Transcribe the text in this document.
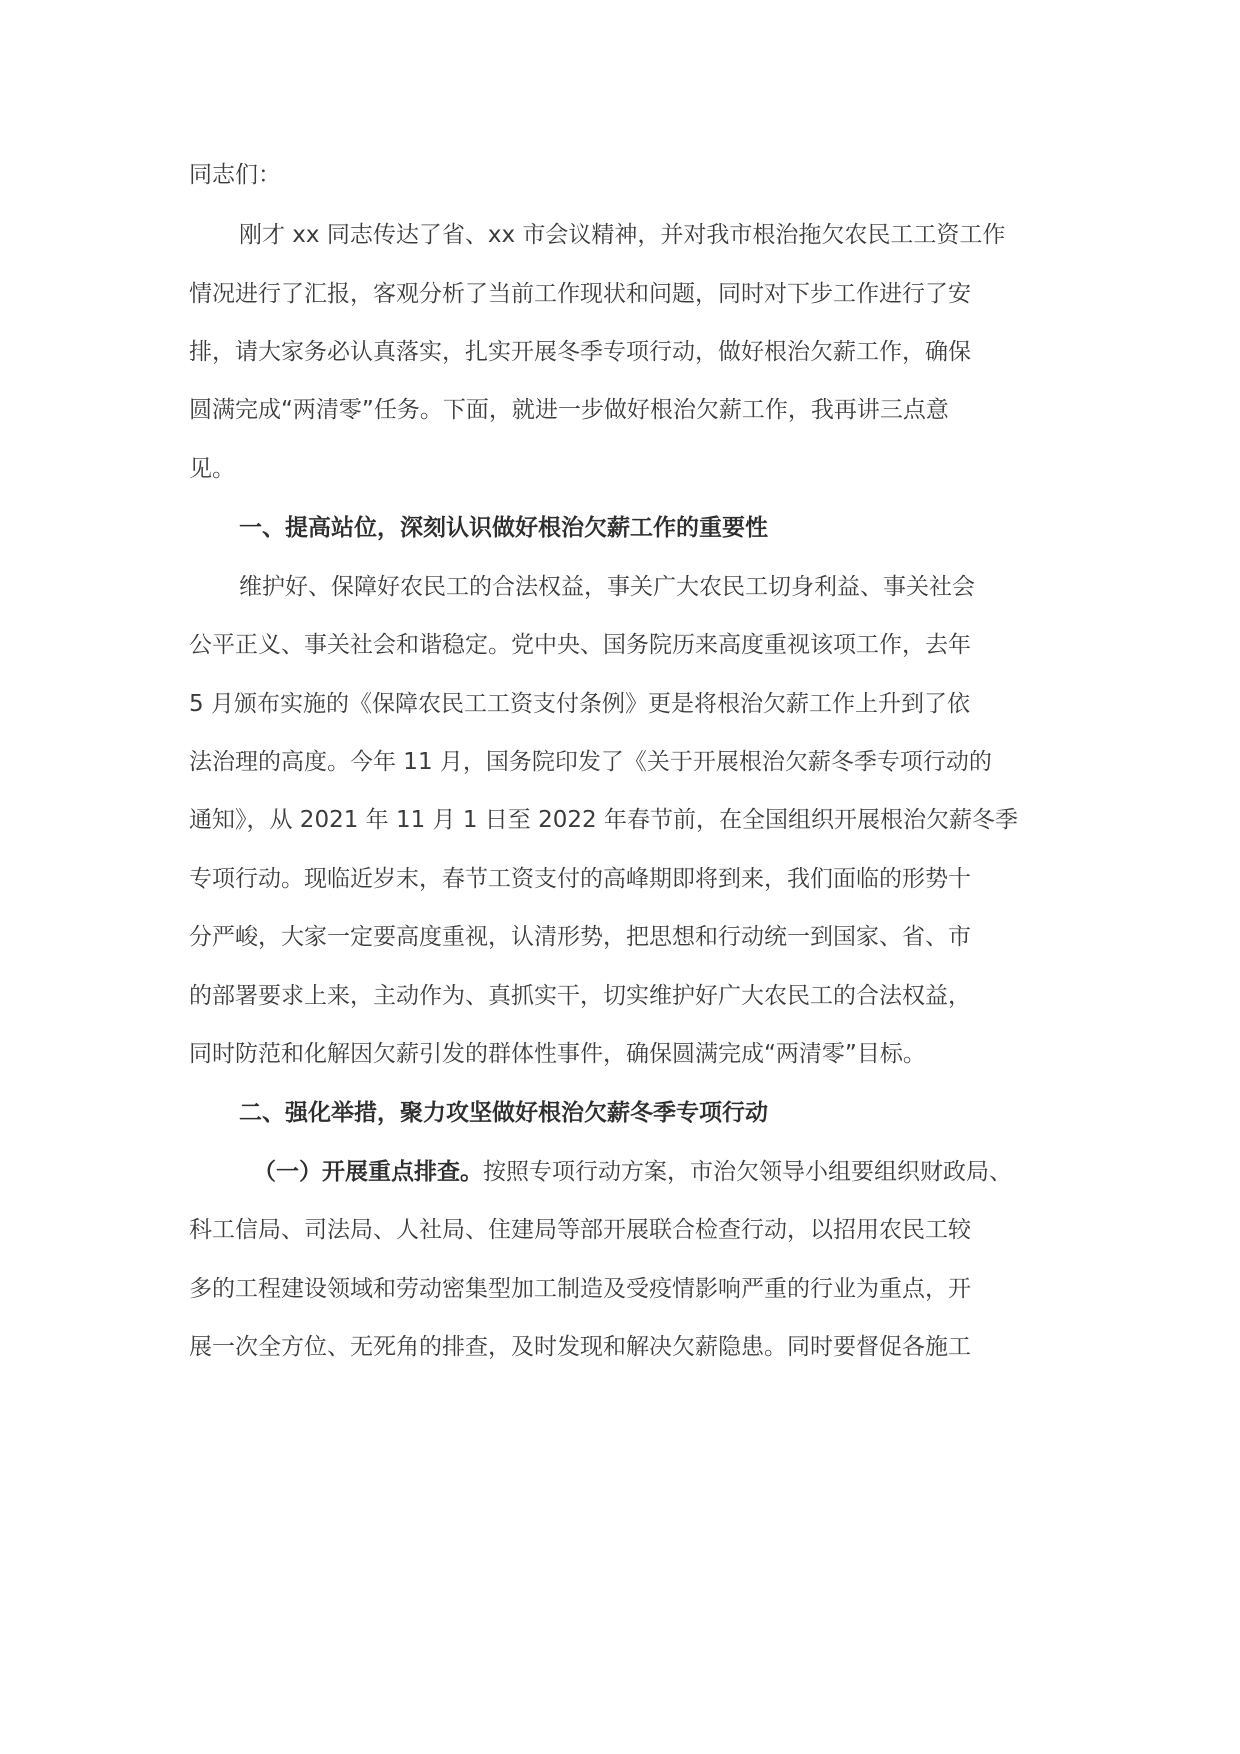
同志们：
刚才 xx 同志传达了省、xx 市会议精神，并对我市根治拖欠农民工工资工作
情况进行了汇报，客观分析了当前工作现状和问题，同时对下步工作进行了安
排，请大家务必认真落实，扎实开展冬季专项行动，做好根治欠薪工作，确保
圆满完成“两清零”任务。下面，就进一步做好根治欠薪工作，我再讲三点意
见。
一、提高站位，深刻认识做好根治欠薪工作的重要性
维护好、保障好农民工的合法权益，事关广大农民工切身利益、事关社会
公平正义、事关社会和谐稳定。党中央、国务院历来高度重视该项工作，去年
5 月颁布实施的《保障农民工工资支付条例》更是将根治欠薪工作上升到了依
法治理的高度。今年 11 月，国务院印发了《关于开展根治欠薪冬季专项行动的
通知》，从 2021 年 11 月 1 日至 2022 年春节前，在全国组织开展根治欠薪冬季
专项行动。现临近岁末，春节工资支付的高峰期即将到来，我们面临的形势十
分严峻，大家一定要高度重视，认清形势，把思想和行动统一到国家、省、市
的部署要求上来，主动作为、真抓实干，切实维护好广大农民工的合法权益，
同时防范和化解因欠薪引发的群体性事件，确保圆满完成“两清零”目标。
二、强化举措，聚力攻坚做好根治欠薪冬季专项行动
（一）开展重点排查。按照专项行动方案，市治欠领导小组要组织财政局、
科工信局、司法局、人社局、住建局等部开展联合检查行动，以招用农民工较
多的工程建设领域和劳动密集型加工制造及受疫情影响严重的行业为重点，开
展一次全方位、无死角的排查，及时发现和解决欠薪隐患。同时要督促各施工
